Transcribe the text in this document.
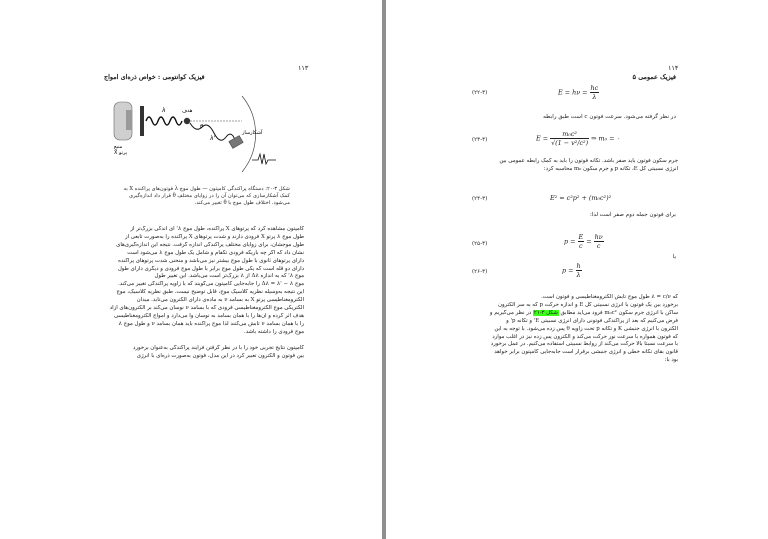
۱۱۳
فیزیک کوانتومی : خواص ذره‌ای امواج
منبع
X پرتو
هدف
آشکارساز
λ
λ'
θ
شکل ۳-۲۰: دستگاه پراکندگی کامپتون — طول موج λ فوتون‌های پراکنده X به
کمک آشکارسازی که می‌توان آن را در زوایای مختلف θ قرار داد اندازه‌گیری
می‌شود. اختلاف طول موج با θ تغییر می‌کند.
کامپتون مشاهده کرد که پرتوهای X پراکنده، طول موج λ' ای اندکی بزرگ‌تر از
طول موج λ پرتو X فرودی دارند و شدت پرتوهای X پراکنده را به‌صورت تابعی از
طول موجشان، برای زوایای مختلف پراکندگی اندازه گرفت. نتیجه این اندازه‌گیری‌های
نشان داد که اگر چه باریکه فرودی تکفام و شامل یک طول موج λ می‌شود است
دارای پرتوهای ثانوی با طول موج بیشتر نیز می‌باشد و منحنی شدت پرتوهای پراکنده
دارای دو قله است که یکی طول موج برابر با طول موج فرودی و دیگری دارای طول
موج λ' که به اندازه Δλ از λ بزرگ‌تر است می‌باشد. این تغییر طول
موج Δλ = λ' − λ را جابه‌جایی کامپتون می‌گویند که با زاویه پراکندگی تغییر می‌کند.
این نتیجه به‌وسیله نظریه کلاسیک موج، قابل توضیح نیست. طبق نظریه کلاسیک، موج
الکترومغناطیسی پرتو X به بسامد ν به ماده‌ی دارای الکترون می‌تابد. میدان
الکتریکی موج الکترومغناطیسی فرودی که با بسامد ν نوسان می‌کند بر الکترون‌های آزاد
هدف اثر کرده و آن‌ها را با همان بسامد به نوسان وا می‌دارد و امواج الکترومغناطیسی
را با همان بسامد ν تابش می‌کنند لذا موج پراکنده باید همان بسامد ν و طول موج λ
موج فرودی را داشته باشد.
کامپتون نتایج تجربی خود را با در نظر گرفتن فرآیند پراکندگی به‌عنوان برخورد
بین فوتون و الکترون تعبیر کرد در این مدل، فوتون به‌صورت ذره‌ای با انرژی
۱۱۴
فیزیک عمومی ۵
(۲۲-۳)	$E = h\nu = \frac{hc}{\lambda}$
در نظر گرفته می‌شود. سرعت فوتون c است طبق رابطه
(۲۳-۳)	$E = \frac{\text{m₀c²}}{\text{√(1 − v²/c²)}}$ ⇒ m₀ = ۰
جرم سکون فوتون باید صفر باشد. تکانه فوتون را باید به کمک رابطه عمومی بین
انرژی نسبیتی کل E، تکانه p و جرم سکون m₀ محاسبه کرد:
(۲۴-۳)	E² = c²p² + (m₀c²)²
برای فوتون جمله دوم صفر است لذا:
(۲۵-۳)	$p = \frac{E}{c} = \frac{h\nu}{c}$
یا
(۲۶-۳)	$p = \frac{h}{\lambda}$
که λ = c/ν طول موج تابش الکترومغناطیسی و فوتون است.
برخورد بین یک فوتون با انرژی نسبیتی کل E و اندازه حرکت p که به سر الکترون
ساکن با انرژی جرم سکون m₀c² فرود می‌آید مطابق شکل ۳-۲۱ در نظر می‌گیریم و
فرض می‌کنیم که بعد از پراکندگی فوتونی دارای انرژی نسبیتی E' و تکانه p' و
الکترون با انرژی جنبشی K و تکانه p تحت زاویه θ پس زده می‌شود. با توجه به این
که فوتون همواره با سرعت نور حرکت می‌کند و الکترون پس زده نیز در اغلب موارد
با سرعت نسبتاً بالا حرکت می‌کند از روابط نسبیتی استفاده می‌کنیم. در عمل برخورد
قانون بقای تکانه خطی و انرژی جنبشی برقرار است جابه‌جایی کامپتون برابر خواهد
بود با:
